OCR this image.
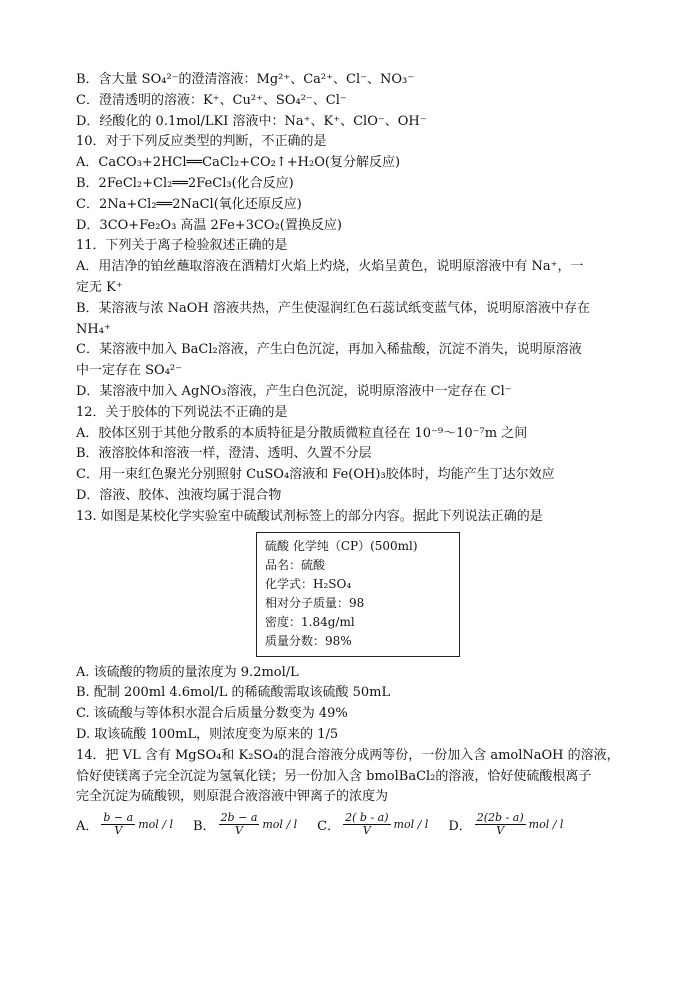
B．含大量 SO₄²⁻的澄清溶液：Mg²⁺、Ca²⁺、Cl⁻、NO₃⁻
C．澄清透明的溶液：K⁺、Cu²⁺、SO₄²⁻、Cl⁻
D．经酸化的 0.1mol/LKI 溶液中：Na⁺、K⁺、ClO⁻、OH⁻
10．对于下列反应类型的判断，不正确的是
A．CaCO₃+2HCl══CaCl₂+CO₂↑+H₂O(复分解反应)
B．2FeCl₂+Cl₂══2FeCl₃(化合反应)
C．2Na+Cl₂══2NaCl(氧化还原反应)
D．3CO+Fe₂O₃ 高温 2Fe+3CO₂(置换反应)
11．下列关于离子检验叙述正确的是
A．用洁净的铂丝蘸取溶液在酒精灯火焰上灼烧，火焰呈黄色，说明原溶液中有 Na⁺，一
定无 K⁺
B．某溶液与浓 NaOH 溶液共热，产生使湿润红色石蕊试纸变蓝气体，说明原溶液中存在
NH₄⁺
C．某溶液中加入 BaCl₂溶液，产生白色沉淀，再加入稀盐酸，沉淀不消失，说明原溶液
中一定存在 SO₄²⁻
D．某溶液中加入 AgNO₃溶液，产生白色沉淀，说明原溶液中一定存在 Cl⁻
12．关于胶体的下列说法不正确的是
A．胶体区别于其他分散系的本质特征是分散质微粒直径在 10⁻⁹～10⁻⁷m 之间
B．液溶胶体和溶液一样，澄清、透明、久置不分层
C．用一束红色聚光分别照射 CuSO₄溶液和 Fe(OH)₃胶体时，均能产生丁达尔效应
D．溶液、胶体、浊液均属于混合物
13. 如图是某校化学实验室中硫酸试剂标签上的部分内容。据此下列说法正确的是
硫酸 化学纯（CP）(500ml)
品名：硫酸
化学式：H₂SO₄
相对分子质量：98
密度：1.84g/ml
质量分数：98%
A. 该硫酸的物质的量浓度为 9.2mol/L
B. 配制 200ml 4.6mol/L 的稀硫酸需取该硫酸 50mL
C. 该硫酸与等体积水混合后质量分数变为 49%
D. 取该硫酸 100mL，则浓度变为原来的 1/5
14．把 VL 含有 MgSO₄和 K₂SO₄的混合溶液分成两等份，一份加入含 amolNaOH 的溶液，
恰好使镁离子完全沉淀为氢氧化镁；另一份加入含 bmolBaCl₂的溶液，恰好使硫酸根离子
完全沉淀为硫酸钡，则原混合液溶液中钾离子的浓度为
A． $\frac{b - a}{V}$ mol / l B． $\frac{2b - a}{V}$ mol / l C． $\frac{2( b - a)}{V}$ mol / l D． $\frac{2(2b - a)}{V}$ mol / l
